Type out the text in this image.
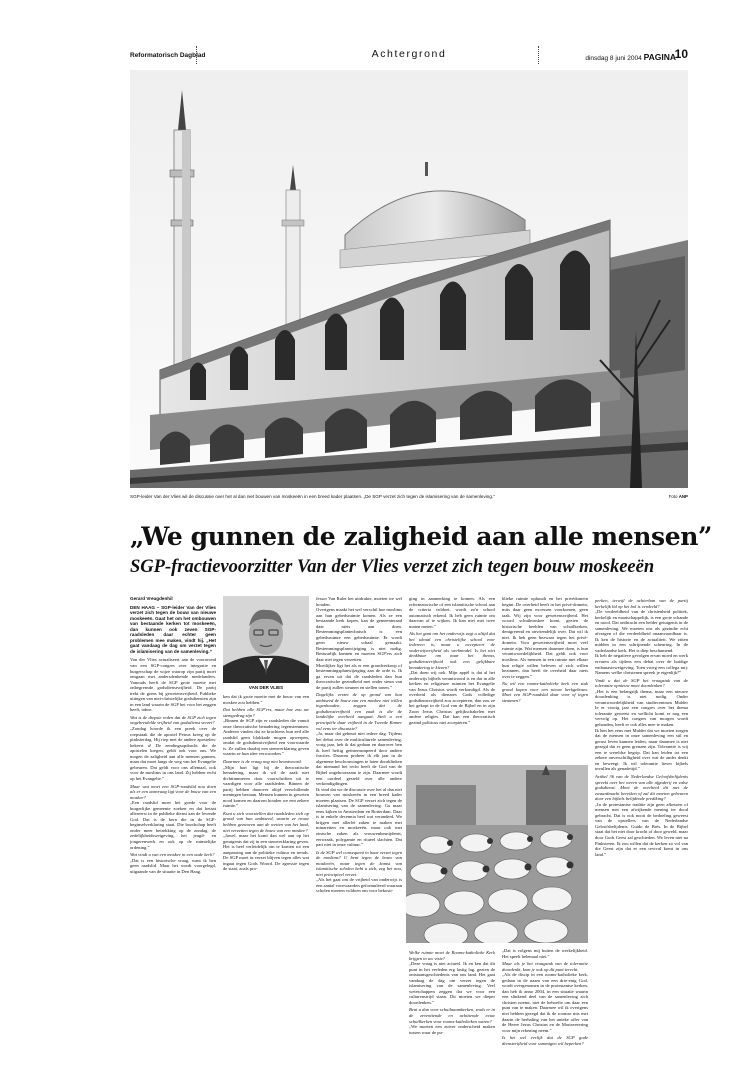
Reformatorisch Dagblad	Achtergrond	dinsdag 8 juni 2004 PAGINA
10
SGP-leider Van der Vlies wil de discussie over het al dan niet bouwen van moskeeën in een breed kader plaatsen. „De SGP verzet zich tegen de islamisering van de samenleving.”	Foto ANP
„We gunnen de zaligheid aan alle mensen”
SGP-fractievoorzitter Van der Vlies verzet zich tegen bouw moskeeën

Gerard Vreugdenhil

DEN HAAG – SGP-leider Van der Vlies verzet zich tegen de bouw van nieuwe moskeeën. Gaat het om het ombouwen van bestaande kerken tot moskeeën, dan kunnen ook zeven SGP-raadsleden daar echter geen problemen mee maken, vindt hij. „Het gaat vandaag de dag om verzet tegen de islamisering van de samenleving.”

Van der Vlies actualiseert aan de vooravond van een SGP-congres over integratie en burgerschap de wijze waarop zijn partij moet omgaan met andersdenkende medelanders. Vanouds heeft de SGP grote moeite met onbegrensde godsdienstvrijheid. De partij trekt de grens bij gewetensvrijheid. Publieke uitingen van niet-christelijke godsdiensten zijn in een land waarin de SGP het voor het zeggen heeft, taboe.

Wat is de diepste reden dat de SGP zich tegen ongebreidelde vrijheid van godsdienst verzet?

„Zondag hoorde ik een preek over de roepstaak die de apostel Petrus kreeg op de pinksterdag. Hij riep met de andere apostelen: bekeert u! De zendingsopdracht die de apostelen kregen, geldt ook voor ons. We mogen de zaligheid aan alle mensen gunnen, maar dat moet langs de weg van het Evangelie gebeuren. Dat geldt voor ons allemaal, ook voor de moslims in ons land. Zij hebben recht op het Evangelie.”

Maar wat moet een SGP-raadslid nou doen als er een aanvraag ligt voor de bouw van een moskee?

„Een raadslid moet het goede voor de burgerlijke gemeente zoeken en dat betaat allereerst in de publieke dienst aan de levende God. Dat is de kern die in de SGP-beginselverklaring staat. Die boodschap heeft onder meer betrekking op de zondag, de zedelijkheidswetgeving, het jeugd- en jongerenwerk en ook op de ruimtelijke ordening.”

Wat vindt u van een moskee in een oude kerk?

„Dat is een historische vraag, want ik ben geen raadslid. Maar het wordt voorgelegd, uitgaande van de situatie in Den Haag.

VAN DER VLIES

ken dat ik grote moeite met de bouw van een moskee zou hebben.”

Dat hebben alle SGP'ers, maar hoe zou uw stemgedrag zijn?

„Binnen de SGP zijn er raadsleden die vanuit onze theocratische benadering tegenstemmen. Anderen vinden dat ze krachtens hun eed alle raadslid geen blokkade mogen opwerpen, omdat de godsdienstvrijheid een voorwaarde is. Ze zullen daarbij een stemverklaring geven waarin ze hun idee verwoorden.”

Daarmee is de vraag nog niet beantwoord.

„Mijn hart ligt bij de theocratische benadering, maar ik wil de zaak niet dichttimmeren door voorschriften uit te vaardigen voor alle raadsleden. Binnen de partij hebben daarover altijd verschillende meningen bestaan. Mensen kunnen in geweten nood komen en daarom houden we een zekere ruimte.”

Kunt u zich voorstellen dat raadsleden zich op grond van hun ambtseed, waarin ze trouw hebben gezworen aan de wetten van het land, niet verzetten tegen de bouw van een moskee?

„Jawel, maar het komt dan wel aan op het getuigenis dat zij in een stemverklaring geven. Het is heel verleidelijk om te komen tot een aanpassing aan de politieke cultuur en trends. De SGP moet in verzet blijven tegen alles wat ingaat tegen Gods Woord. De agressie tegen de staat, zoals pro-

fessor Van Ruler het uitdrukte, moeten we wel houden.

Overigens maakt het wel verschil hoe moslims aan hun gebedsruimte komen. Als ze een bestaande kerk kopen, kan de gemeenteraad daar niets aan doen. Bestemmingsplantechnisch is een gebedsruimte een gebedsruimte. Er wordt geen nieuw schaal gemaakt. Bestemmingsplanwijziging is niet nodig. Bestuurlijk kunnen en moeten SGP'ers zich daar niet tegen verzetten.

Moeilijker ligt het als er een grondverkoop of bestemmingsplanwijziging aan de orde is. Ik ga ervan uit dat de raadsleden dan hun theocratische gezindheid met onder steun van de partij zullen steunen en stellen tonen.”

Dagelijks verzet de op grond van hun ambtseed de bouw van een moskee niet willen tegenhouden, zeggen dat de godsdienstvrijheid een zaak is die de landelijke overheid aangaat. Stelt u een principiële daar vrijheid in de Tweede Kamer vol eens ter discussie?

„Ja, maar dat gebeurt niet iedere dag. Tijdens het debat over de multiculturele samenleving, vorig jaar, heb ik dat gedaan en daarover ben ik heel heftig geïnterrumpeerd door andere fracties. Daarom probeer ik elk jaar in de algemene beschouwingen te laten doorklinken dat niemand het recht heeft de God van de Bijbel ongehoorzaam te zijn. Daarmee wordt een oordeel gesteld over alle andere verkondigdingen.

Ik vind dat we de discussie over het al dan niet bouwen van moskeeën in een breed kader moeten plaatsen. De SGP verzet zich tegen de islamisering van de samenleving. Ga maar eens kijken in Amsterdam en Rotterdam. Daar is in enkele decennia heel wat veranderd. We krijgen met allerlei zaken te maken met minaretten en moskeeën, maar ook met etnische zaken als vrouwenbesnijdenis, eerwraak, polygamie en ritueel slachten. Dat part niet in onze cultuur.”

Is de SGP wel consequent in haar verzet tegen de moslims? U bent tegen de bouw van moskeeën, maar tegen de komst van islamitische scholen hebt u zich, zeg het nou, niet principieel verzet.

„Als het gaat om de vrijheid van onderwijs is een aantal voorwaarden geformuleerd waaraan scholen moeten voldoen om voor bekosti-

ging in aanmerking te komen. Als een reformatorische of een islamitische school aan de criteria voldoet, wordt zo'n school automatisch erkend. Ik heb geen ruimte om daarvan af te wijken. Ik kan niet met twee maten meten.”

Als het gaat om het onderwijs zegt u altijd dat het ideaal een christelijke school voor iedereen is, maar u accepteert de onderwijsvrijheid als werkmodel. Is het niet denkbaar om naar het thema, godsdienstvrijheid ook een gelijkbare benadering te kiezen?

„Dat doen wij ook. Mijn appèl is dat al het onderwijs bijbels verantwoord is en dat in alle kerken en religieuze ruimten het Evangelie van Jezus Christus wordt verkondigd. Als de overheid als dienares Gods volledige godsdienstvrijheid zou accepteren, dan zou ze het gekopt in de God van de Bijbel en in zijn Zoon Jezus Christus gelijkschakelen met andere religies. Dat kan een theocratisch gezind politicus niet accepteren.”

Welke ruimte moet de Rooms-katholieke Kerk krijgen in uw visie?

„Deze vraag is niet actueel. Ik en ken dat dit punt in het verleden erg lastig lag, gezien de ontstaansgeschiedenis van ons land. Het gaat vandaag de dag om verzet tegen de islamisering van de samenleving. Veel weteschappen zeggen dat we voor een culturenstrijd staan. Dit moeten we dieper doordenken.”

Bent u dan voor schuilnaamkerken, zoals er in de zeventiende en achttiende eeuw schuilkerken voor rooms-katholieken waren?

„We moeten een zuiver onderscheid maken tussen waar de pu-

blieke ruimte ophoudt en het privédomein begint. De overheid heeft in het privé-domein, mits daar geen excessen voorkomen, geen taak. Wij zijn voor gewetensvrijheid. Het woord schuilmoskee komt, gezien de historische beelden van schuilkerken, denigrerend en onvriendelijk over. Dat wil ik niet. Ik heb geen bezwaar tegen het privé-domein. Voor gewetensvrijheid moet veel ruimte zijn. Wat mensen daarmee doen, is hun verantwoordelijkheid. Dat geldt ook voor moslims. Als mensen in een ruimte met elkaar hun religie willen beleven of zich willen bezinnen, dan heeft de overheid daar niets over te zeggen.”

Nu wil een rooms-katholieke kerk een stuk grond kopen voor een nieuw kerkgebouw. Moet een SGP-raadslid daar voor of tegen stemmen?

„Dat is volgens mij buiten de werkelijkheid. Het speelt helemaal niet.”

Maar als je het vraagstuk van de tolerantie doordenkt, kom je ook op dit punt terecht.

„Als de discip in een rooms-katholieke kerk, gedaan in de naam van een drie-enig God, wordt overgenomen in de protestantse kerken, dan heb ik anno 2004, in een situatie waarin een slinkend deel van de samenleving zich christen noemt, niet de behoefte om daar een punt van te maken. Daarmee wil ik overigens niet hebben gezegd dat ik de roomse mis met daarin de herhaling van het unieke offer van de Heere Jezus Christus en de Mariaverering voor mijn rekening neem.”

Is het wel eerlijk dat de SGP gode dienstvrijheid voor sommigen wil beperken?

perken, terwijl de achterban van de partij kerkelijk lid op het bol is verdeeld?

„De verdeeldheid van de christenheid politiek, kerkelijk en maatschappelijk, is een grote schande en nood. Dat ontbracht een helder getuigenis in de samenleving. We moeten ons als gezindte echt afvragen of die verdeeldheid onaanvaardbaar is. Ik ken de historie en de actualiteit. We zitten midden in een schrijnende scheuring. In de vaderlandse kerk. Het is diep beschamend.

Ik heb de negatieve gevolgen ervan moed en werk ervaren als tijdens een debat over de huidige euthanasiewetgeving. Toen vroeg een collega mij: Namens welke christenen spreek je eigenlijk?”

Vindt u dat de SGP het vraagstuk van de tolerantie opnieuw moet doordenken?

„Het is een belangrijk thema, maar een nieuwe doordenking is niet nodig. Onder verantwoordelijkheid van studiecentrum Mulder Ie er voorig jaar een congres over het thema tolerantie geweest en wellicht komt er nog een vervolg op. Het congres van morgen wordt gehouden, heeft er ook alles mee te maken.

Ik ben het eens met Mulder dat we moeten zorgen dat de mensen in onze samenleving een stil en gerust leven kunnen leiden, maar daarmee is niet gezegd dat er geen grenzen zijn. Tolerantie is wij een te wereldse begrip. Dat kan leiden tot een zekere onverschilligheid over wat de ander denkt en beweegt. Ik wil tolerantie liever bijbels invullen als genadetijd.”

Artikel 36 van de Nederlandse Geloofsbelijdenis spreekt over het weren van alle afgoderij en valse godsdienst. Moet de overheid dit met de zwaardmacht bereiken of zal dit moeten gebeuren door een bijbels belijdende prediking?

„In de protestantse traditie zijn geen afkeuren of mensen met een afwijkende mening ter dood gebracht. Dat is ook nooit de bedoeling geweest van de opstellers van de Nederlandse Geloofsbelijdenis. Guido de Brès. In de Bijbel staat dat het niet door kracht of door geweld, maar door Gods Geest zal geschieden. We leven niet na Pinksteren. Ik zou willen dat de kerken zo vol van die Geest zijn dat er een revival komt in ons land.”
